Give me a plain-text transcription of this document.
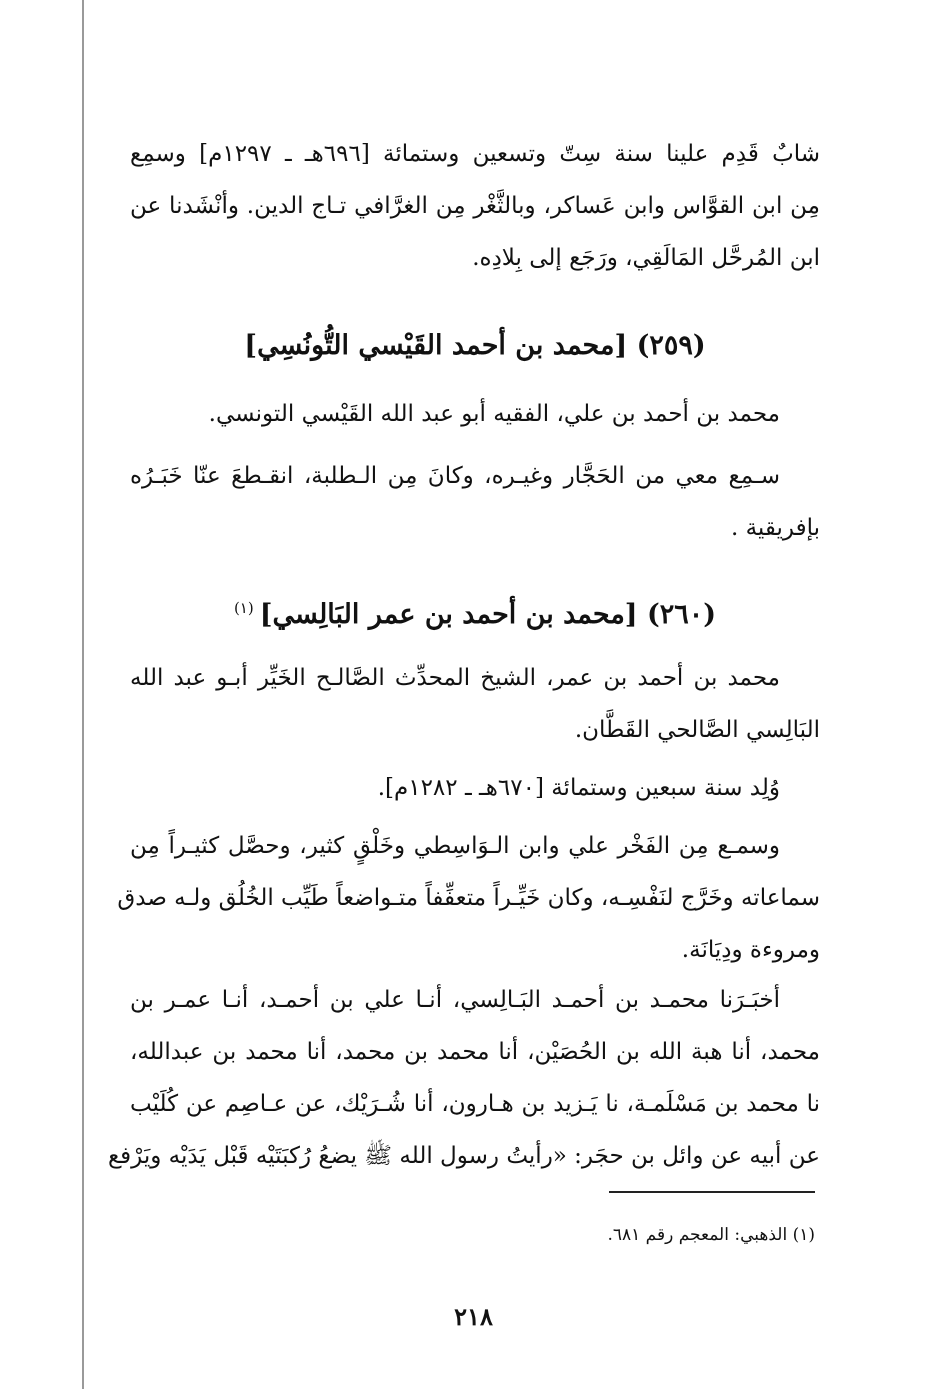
شابٌ قَدِم علينا سنة سِتّ وتسعين وستمائة [٦٩٦هـ ـ ١٢٩٧م] وسمِع
مِن ابن القوَّاس وابن عَساكر، وبالثَّغْر مِن الغرَّافي تـاج الدين. وأنْشَدنا عن
ابن المُرحَّل المَالَقِي، ورَجَع إلى بِلادِه.
(٢٥٩) [محمد بن أحمد القَيْسي التُّونُسِي]
محمد بن أحمد بن علي، الفقيه أبو عبد الله القَيْسي التونسي.
سـمِع معي من الحَجَّار وغيـره، وكانَ مِن الـطلبة، انقـطعَ عنّا خَبَـرُه
بإفريقية .
(٢٦٠) [محمد بن أحمد بن عمر البَالِسي]$^{(١)}$
محمد بن أحمد بن عمر، الشيخ المحدِّث الصَّالـح الخَيِّر أبـو عبد الله
البَالِسي الصَّالحي القَطَّان.
وُلِد سنة سبعين وستمائة [٦٧٠هـ ـ ١٢٨٢م].
وسمـع مِن الفَخْر علي وابن الـوَاسِطي وخَلْقٍ كثير، وحصَّل كثيـراً مِن
سماعاته وخَرَّج لنَفْسِـه، وكان خَيِّـراً متعفِّفاً متـواضعاً طَيِّب الخُلُق ولـه صدق
ومروءة ودِيَانَة.
أخبَـرَنا محمـد بن أحمـد البَـالِسي، أنـا علي بن أحمـد، أنـا عمـر بن
محمد، أنا هبة الله بن الحُصَيْن، أنا محمد بن محمد، أنا محمد بن عبدالله،
نا محمد بن مَسْلَمـة، نا يَـزيد بن هـارون، أنا شُـرَيْك، عن عـاصِم عن كُلَيْب
عن أبيه عن وائل بن حجَر: «رأيتُ رسول الله ﷺ يضعُ رُكبَتَيْه قَبْل يَدَيْه ويَرْفع
(١) الذهبي: المعجم رقم ٦٨١.
٢١٨
